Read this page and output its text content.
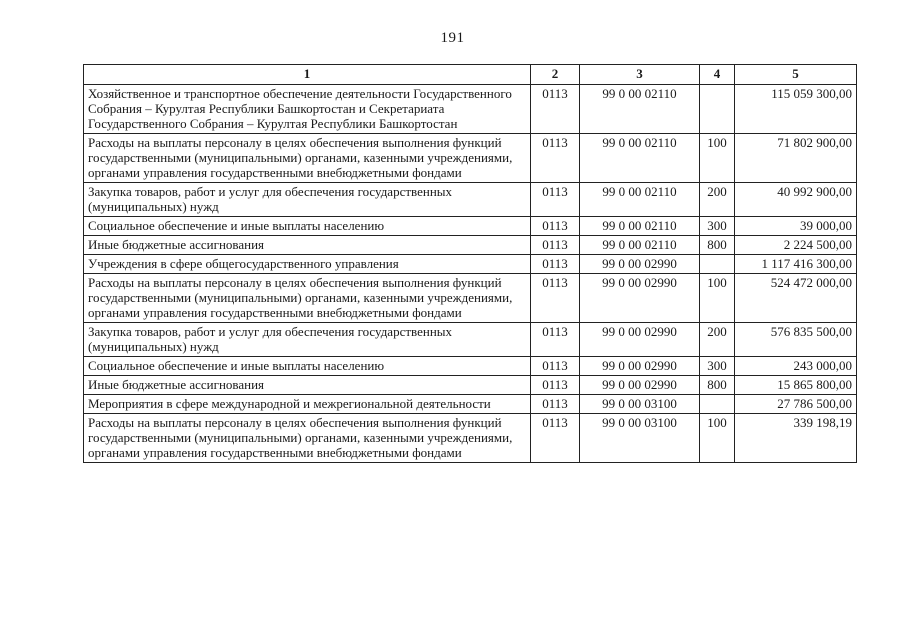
191
1	2	3	4	5
Хозяйственное и транспортное обеспечение деятельности Государственного Собрания – Курултая Республики Башкортостан и Секретариата Государственного Собрания – Курултая Республики Башкортостан	0113	99 0 00 02110		115 059 300,00
Расходы на выплаты персоналу в целях обеспечения выполнения функций государственными (муниципальными) органами, казенными учреждениями, органами управления государственными внебюджетными фондами	0113	99 0 00 02110	100	71 802 900,00
Закупка товаров, работ и услуг для обеспечения государственных (муниципальных) нужд	0113	99 0 00 02110	200	40 992 900,00
Социальное обеспечение и иные выплаты населению	0113	99 0 00 02110	300	39 000,00
Иные бюджетные ассигнования	0113	99 0 00 02110	800	2 224 500,00
Учреждения в сфере общегосударственного управления	0113	99 0 00 02990		1 117 416 300,00
Расходы на выплаты персоналу в целях обеспечения выполнения функций государственными (муниципальными) органами, казенными учреждениями, органами управления государственными внебюджетными фондами	0113	99 0 00 02990	100	524 472 000,00
Закупка товаров, работ и услуг для обеспечения государственных (муниципальных) нужд	0113	99 0 00 02990	200	576 835 500,00
Социальное обеспечение и иные выплаты населению	0113	99 0 00 02990	300	243 000,00
Иные бюджетные ассигнования	0113	99 0 00 02990	800	15 865 800,00
Мероприятия в сфере международной и межрегиональной деятельности	0113	99 0 00 03100		27 786 500,00
Расходы на выплаты персоналу в целях обеспечения выполнения функций государственными (муниципальными) органами, казенными учреждениями, органами управления государственными внебюджетными фондами	0113	99 0 00 03100	100	339 198,19
